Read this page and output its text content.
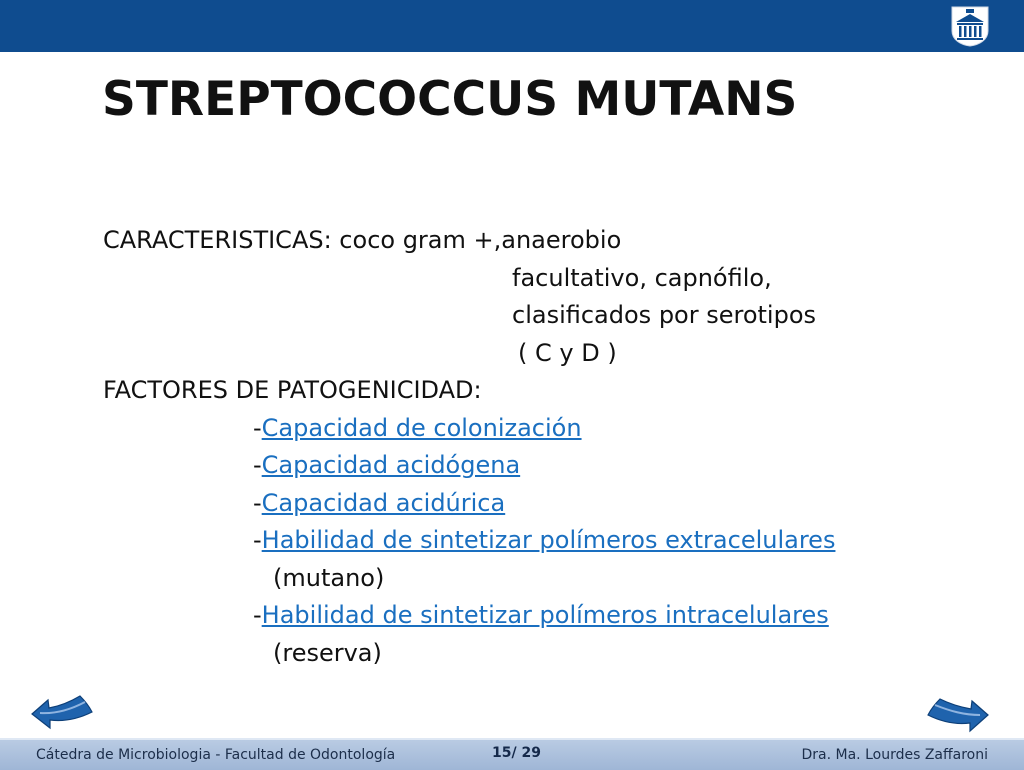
STREPTOCOCCUS MUTANS
CARACTERISTICAS: coco gram +,anaerobio
facultativo, capnófilo,
clasificados por serotipos
( C y D )
FACTORES DE PATOGENICIDAD:
-Capacidad de colonización
-Capacidad acidógena
-Capacidad acidúrica
-Habilidad de sintetizar polímeros extracelulares
(mutano)
-Habilidad de sintetizar polímeros intracelulares
(reserva)
Cátedra de Microbiologia - Facultad de Odontología	15/ 29	Dra. Ma. Lourdes Zaffaroni
